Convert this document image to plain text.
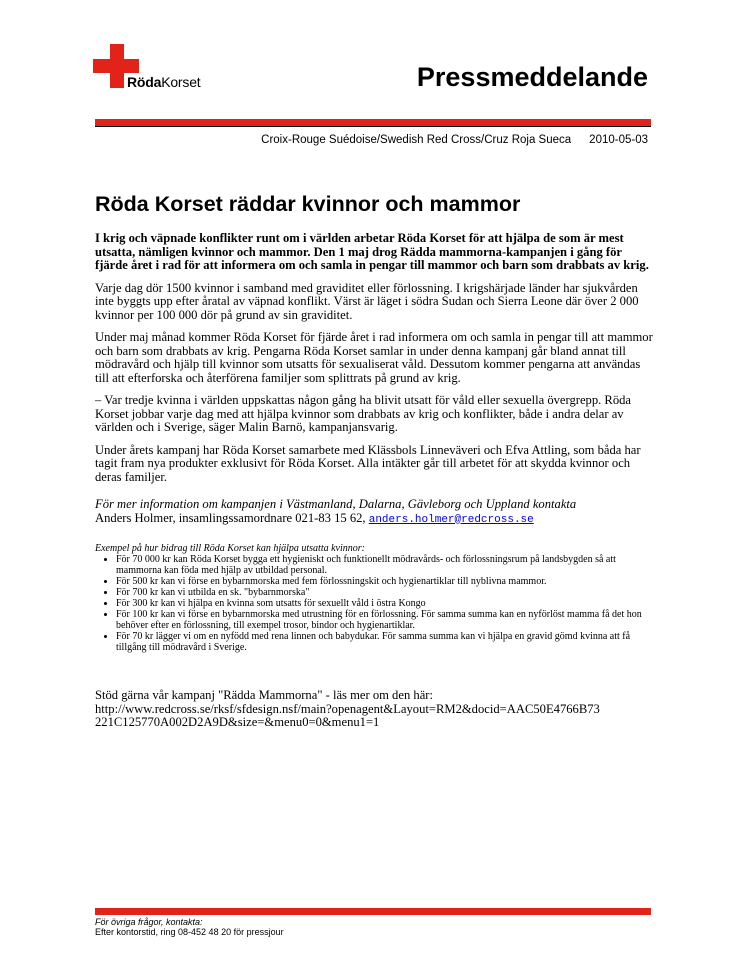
RödaKorset	Pressmeddelande
Croix-Rouge Suédoise/Swedish Red Cross/Cruz Roja Sueca 2010-05-03
Röda Korset räddar kvinnor och mammor

I krig och väpnade konflikter runt om i världen arbetar Röda Korset för att hjälpa de som är mest utsatta, nämligen kvinnor och mammor. Den 1 maj drog Rädda mammorna-kampanjen i gång för fjärde året i rad för att informera om och samla in pengar till mammor och barn som drabbats av krig.

Varje dag dör 1500 kvinnor i samband med graviditet eller förlossning. I krigshärjade länder har sjukvården inte byggts upp efter åratal av väpnad konflikt. Värst är läget i södra Sudan och Sierra Leone där över 2 000 kvinnor per 100 000 dör på grund av sin graviditet.

Under maj månad kommer Röda Korset för fjärde året i rad informera om och samla in pengar till att mammor och barn som drabbats av krig. Pengarna Röda Korset samlar in under denna kampanj går bland annat till mödravård och hjälp till kvinnor som utsatts för sexualiserat våld. Dessutom kommer pengarna att användas till att efterforska och återförena familjer som splittrats på grund av krig.

– Var tredje kvinna i världen uppskattas någon gång ha blivit utsatt för våld eller sexuella övergrepp. Röda Korset jobbar varje dag med att hjälpa kvinnor som drabbats av krig och konflikter, både i andra delar av världen och i Sverige, säger Malin Barnö, kampanjansvarig.

Under årets kampanj har Röda Korset samarbete med Klässbols Linneväveri och Efva Attling, som båda har tagit fram nya produkter exklusivt för Röda Korset. Alla intäkter går till arbetet för att skydda kvinnor och deras familjer.

För mer information om kampanjen i Västmanland, Dalarna, Gävleborg och Uppland kontakta
Anders Holmer, insamlingssamordnare 021-83 15 62, anders.holmer@redcross.se

Exempel på hur bidrag till Röda Korset kan hjälpa utsatta kvinnor:

• För 70 000 kr kan Röda Korset bygga ett hygieniskt och funktionellt mödravårds- och förlossningsrum på landsbygden så att mammorna kan föda med hjälp av utbildad personal.
• För 500 kr kan vi förse en bybarnmorska med fem förlossningskit och hygienartiklar till nyblivna mammor.
• För 700 kr kan vi utbilda en sk. "bybarnmorska"
• För 300 kr kan vi hjälpa en kvinna som utsatts för sexuellt våld i östra Kongo
• För 100 kr kan vi förse en bybarnmorska med utrustning för en förlossning. För samma summa kan en nyförlöst mamma få det hon behöver efter en förlossning, till exempel trosor, bindor och hygienartiklar.
• För 70 kr lägger vi om en nyfödd med rena linnen och babydukar. För samma summa kan vi hjälpa en gravid gömd kvinna att få tillgång till mödravård i Sverige.

Stöd gärna vår kampanj "Rädda Mammorna" - läs mer om den här:
http://www.redcross.se/rksf/sfdesign.nsf/main?openagent&Layout=RM2&docid=AAC50E4766B73
221C125770A002D2A9D&size=&menu0=0&menu1=1

För övriga frågor, kontakta:
Efter kontorstid, ring 08-452 48 20 för pressjour
